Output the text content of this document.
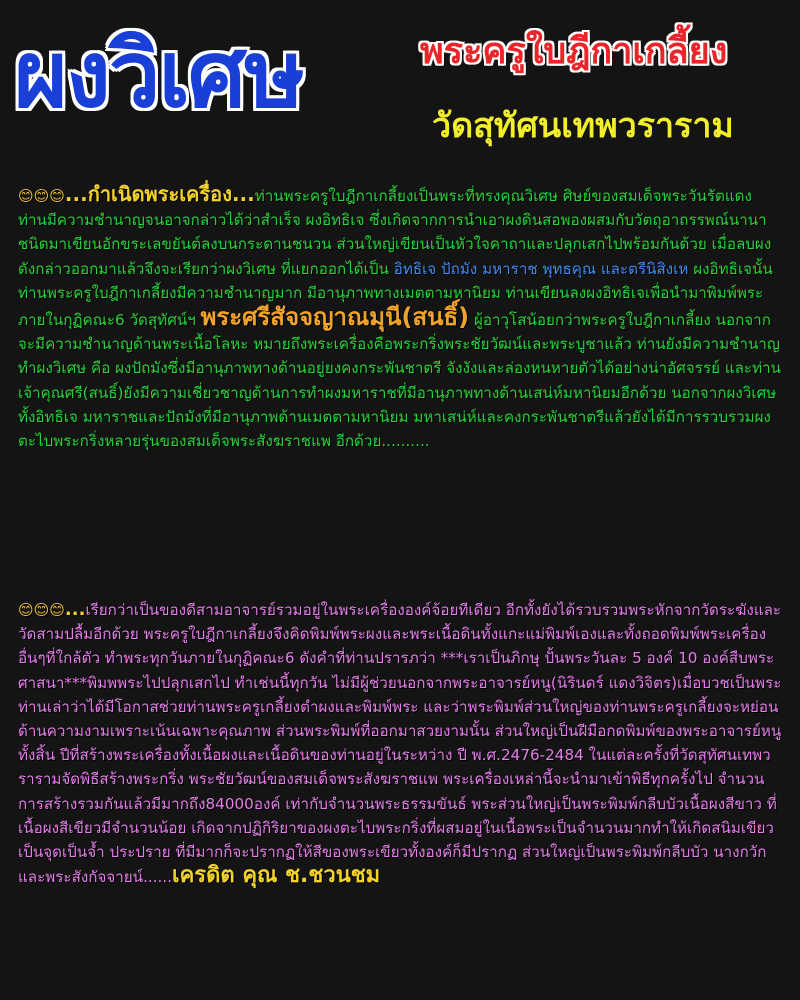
ผงวิเศษ	พระครูใบฎีกาเกลี้ยง
วัดสุทัศนเทพวราราม
😊😊😊...กำเนิดพระเครื่อง...ท่านพระครูใบฎีกาเกลี้ยงเป็นพระที่ทรงคุณวิเศษ ศิษย์ของสมเด็จพระวันรัตแดง ท่านมีความชำนาญจนอาจกล่าวได้ว่าสำเร็จ ผงอิทธิเจ ซึ่งเกิดจากการนำเอาผงดินสอพองผสมกับวัตถุอาถรรพณ์นานาชนิดมาเขียนอักขระเลขยันต์ลงบนกระดานชนวน ส่วนใหญ่เขียนเป็นหัวใจคาถาและปลุกเสกไปพร้อมกันด้วย เมื่อลบผงดังกล่าวออกมาแล้วจึงจะเรียกว่าผงวิเศษ ที่แยกออกได้เป็น อิทธิเจ ปัถมัง มหาราช พุทธคุณ และตรีนิสิงเห ผงอิทธิเจนั้น ท่านพระครูใบฎีกาเกลี้ยงมีความชำนาญมาก มีอานุภาพทางเมตตามหานิยม ท่านเขียนลงผงอิทธิเจเพื่อนำมาพิมพ์พระภายในกุฏิคณะ6 วัดสุทัศน์ฯ พระศรีสัจจญาณมุนี(สนธิ์) ผู้อาวุโสน้อยกว่าพระครูใบฎีกาเกลี้ยง นอกจากจะมีความชำนาญด้านพระเนื้อโลหะ หมายถึงพระเครื่องคือพระกริ่งพระชัยวัฒน์และพระบูชาแล้ว ท่านยังมีความชำนาญทำผงวิเศษ คือ ผงปัถมังซึ่งมีอานุภาพทางด้านอยู่ยงคงกระพันชาตรี จังงังและล่องหนหายตัวได้อย่างน่าอัศจรรย์ และท่านเจ้าคุณศรี(สนธิ์)ยังมีความเชี่ยวชาญด้านการทำผงมหาราชที่มีอานุภาพทางด้านเสน่ห์มหานิยมอีกด้วย นอกจากผงวิเศษทั้งอิทธิเจ มหาราชและปัถมังที่มีอานุภาพด้านเมตตามหานิยม มหาเสน่ห์และคงกระพันชาตรีแล้วยังได้มีการรวบรวมผงตะไบพระกริ่งหลายรุ่นของสมเด็จพระสังฆราชแพ อีกด้วย..........
😊😊😊...เรียกว่าเป็นของดีสามอาจารย์รวมอยู่ในพระเครื่ององค์จ้อยทีเดียว อีกทั้งยังได้รวบรวมพระหักจากวัดระฆังและวัดสามปลื้มอีกด้วย พระครูใบฎีกาเกลี้ยงจึงคิดพิมพ์พระผงและพระเนื้อดินทั้งแกะแม่พิมพ์เองและทั้งถอดพิมพ์พระเครื่องอื่นๆที่ใกล้ตัว ทำพระทุกวันภายในกุฏิคณะ6 ดังคำที่ท่านปรารภว่า ***เราเป็นภิกษุ ปั้นพระวันละ 5 องค์ 10 องค์สืบพระศาสนา***พิมพพระไปปลุกเสกไป ทำเช่นนี้ทุกวัน ไม่มีผู้ช่วยนอกจากพระอาจารย์หนู(นิรินดร์ แดงวิจิตร)เมื่อบวชเป็นพระท่านเล่าว่าได้มีโอกาสช่วยท่านพระครูเกลี้ยงตำผงและพิมพ์พระ และว่าพระพิมพ์ส่วนใหญ่ของท่านพระครูเกลี้ยงจะหย่อนด้านความงามเพราะเน้นเฉพาะคุณภาพ ส่วนพระพิมพ์ที่ออกมาสวยงามนั้น ส่วนใหญ่เป็นฝีมือกดพิมพ์ของพระอาจารย์หนูทั้งสิ้น ปีที่สร้างพระเครื่องทั้งเนื้อผงและเนื้อดินของท่านอยู่ในระหว่าง ปี พ.ศ.2476-2484 ในแต่ละครั้งที่วัดสุทัศนเทพวรารามจัดพิธีสร้างพระกริ่ง พระชัยวัฒน์ของสมเด็จพระสังฆราชแพ พระเครื่องเหล่านี้จะนำมาเข้าพิธีทุกครั้งไป จำนวนการสร้างรวมกันแล้วมีมากถึง84000องค์ เท่ากับจำนวนพระธรรมขันธ์ พระส่วนใหญ่เป็นพระพิมพ์กลีบบัวเนื้อผงสีขาว ที่เนื้อผงสีเขียวมีจำนวนน้อย เกิดจากปฏิกิริยาของผงตะไบพระกริ่งที่ผสมอยู่ในเนื้อพระเป็นจำนวนมากทำให้เกิดสนิมเขียวเป็นจุดเป็นจ้ำ ประปราย ที่มีมากก็จะปรากฏให้สีของพระเขียวทั้งองค์ก็มีปรากฏ ส่วนใหญ่เป็นพระพิมพ์กลีบบัว นางกวัก และพระสังกัจจายน์......เครดิต คุณ ช.ชวนชม
